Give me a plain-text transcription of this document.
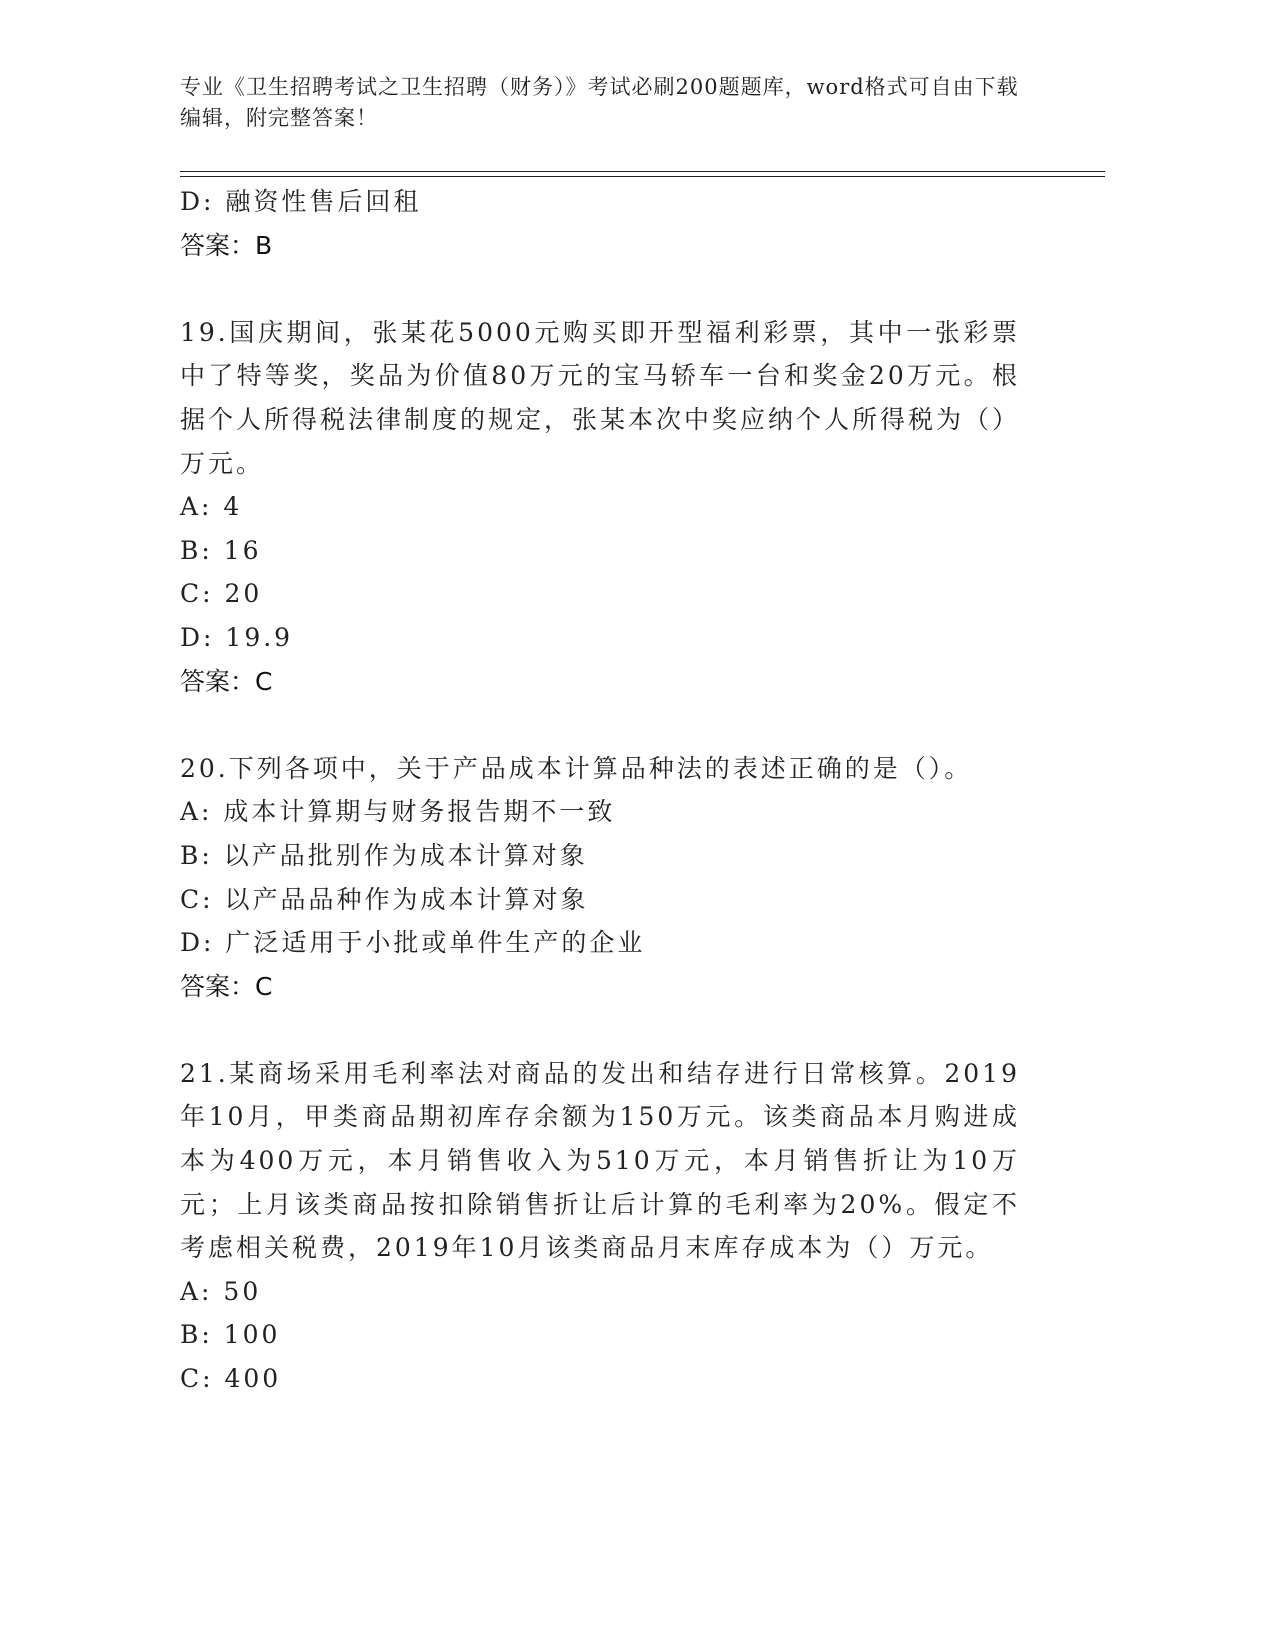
专业《卫生招聘考试之卫生招聘（财务）》考试必刷200题题库，word格式可自由下载编辑，附完整答案！
D: 融资性售后回租
答案：B
19.国庆期间，张某花5000元购买即开型福利彩票，其中一张彩票中了特等奖，奖品为价值80万元的宝马轿车一台和奖金20万元。根据个人所得税法律制度的规定，张某本次中奖应纳个人所得税为（）万元。
A: 4
B: 16
C: 20
D: 19.9
答案：C
20.下列各项中，关于产品成本计算品种法的表述正确的是（）。
A: 成本计算期与财务报告期不一致
B: 以产品批别作为成本计算对象
C: 以产品品种作为成本计算对象
D: 广泛适用于小批或单件生产的企业
答案：C
21.某商场采用毛利率法对商品的发出和结存进行日常核算。2019年10月，甲类商品期初库存余额为150万元。该类商品本月购进成本为400万元，本月销售收入为510万元，本月销售折让为10万元；上月该类商品按扣除销售折让后计算的毛利率为20%。假定不考虑相关税费，2019年10月该类商品月末库存成本为（）万元。
A: 50
B: 100
C: 400
